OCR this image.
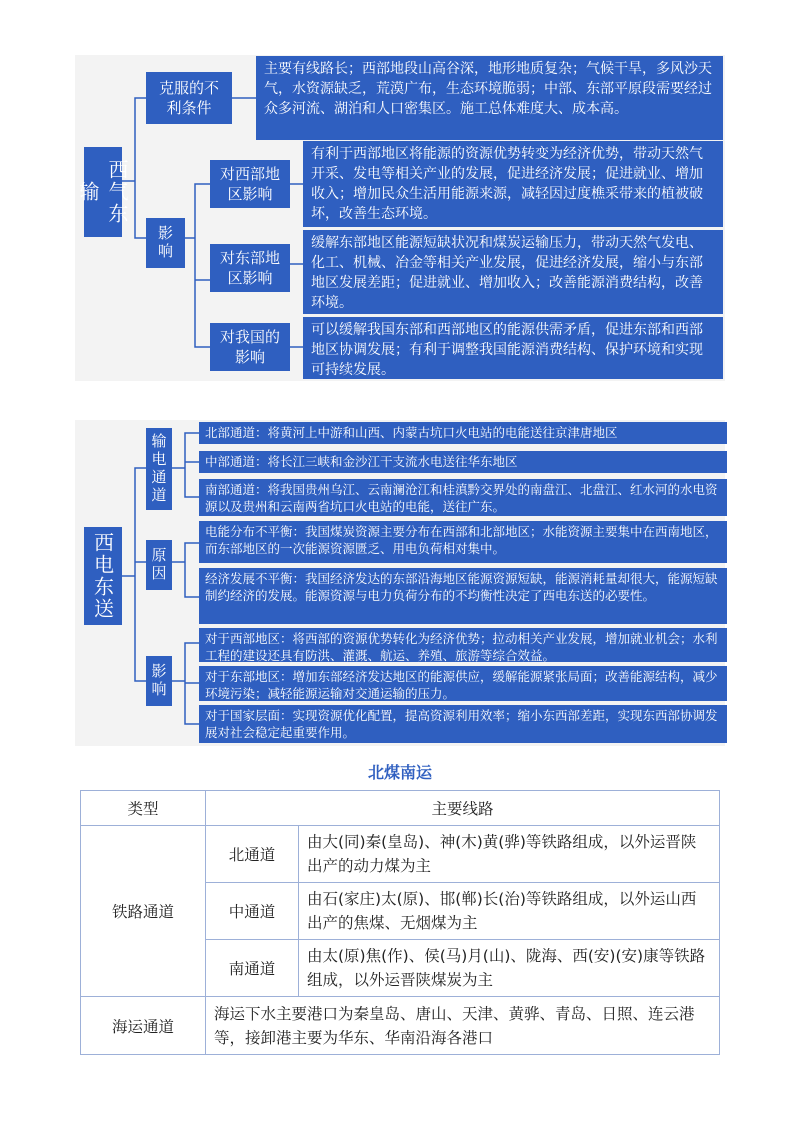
西气东输
克服的不利条件
主要有线路长；西部地段山高谷深，地形地质复杂；气候干旱，多风沙天气，水资源缺乏，荒漠广布，生态环境脆弱；中部、东部平原段需要经过众多河流、湖泊和人口密集区。施工总体难度大、成本高。
影响
对西部地区影响
有利于西部地区将能源的资源优势转变为经济优势，带动天然气开采、发电等相关产业的发展，促进经济发展；促进就业、增加收入；增加民众生活用能源来源，减轻因过度樵采带来的植被破坏，改善生态环境。
对东部地区影响
缓解东部地区能源短缺状况和煤炭运输压力，带动天然气发电、化工、机械、冶金等相关产业发展，促进经济发展，缩小与东部地区发展差距；促进就业、增加收入；改善能源消费结构，改善环境。
对我国的影响
可以缓解我国东部和西部地区的能源供需矛盾，促进东部和西部地区协调发展；有利于调整我国能源消费结构、保护环境和实现可持续发展。
西电东送
输电通道
北部通道：将黄河上中游和山西、内蒙古坑口火电站的电能送往京津唐地区
中部通道：将长江三峡和金沙江干支流水电送往华东地区
南部通道：将我国贵州乌江、云南澜沧江和桂滇黔交界处的南盘江、北盘江、红水河的水电资源以及贵州和云南两省坑口火电站的电能，送往广东。
原因
电能分布不平衡：我国煤炭资源主要分布在西部和北部地区；水能资源主要集中在西南地区，而东部地区的一次能源资源匮乏、用电负荷相对集中。
经济发展不平衡：我国经济发达的东部沿海地区能源资源短缺，能源消耗量却很大，能源短缺制约经济的发展。能源资源与电力负荷分布的不均衡性决定了西电东送的必要性。
影响
对于西部地区：将西部的资源优势转化为经济优势；拉动相关产业发展，增加就业机会；水利工程的建设还具有防洪、灌溉、航运、养殖、旅游等综合效益。
对于东部地区：增加东部经济发达地区的能源供应，缓解能源紧张局面；改善能源结构，减少环境污染；减轻能源运输对交通运输的压力。
对于国家层面：实现资源优化配置，提高资源利用效率；缩小东西部差距，实现东西部协调发展对社会稳定起重要作用。
北煤南运
类型	主要线路	
铁路通道	北通道	由大(同)秦(皇岛)、神(木)黄(骅)等铁路组成，以外运晋陕出产的动力煤为主
	中通道	由石(家庄)太(原)、邯(郸)长(治)等铁路组成，以外运山西出产的焦煤、无烟煤为主
	南通道	由太(原)焦(作)、侯(马)月(山)、陇海、西(安)(安)康等铁路组成，以外运晋陕煤炭为主
海运通道	海运下水主要港口为秦皇岛、唐山、天津、黄骅、青岛、日照、连云港等，接卸港主要为华东、华南沿海各港口	
